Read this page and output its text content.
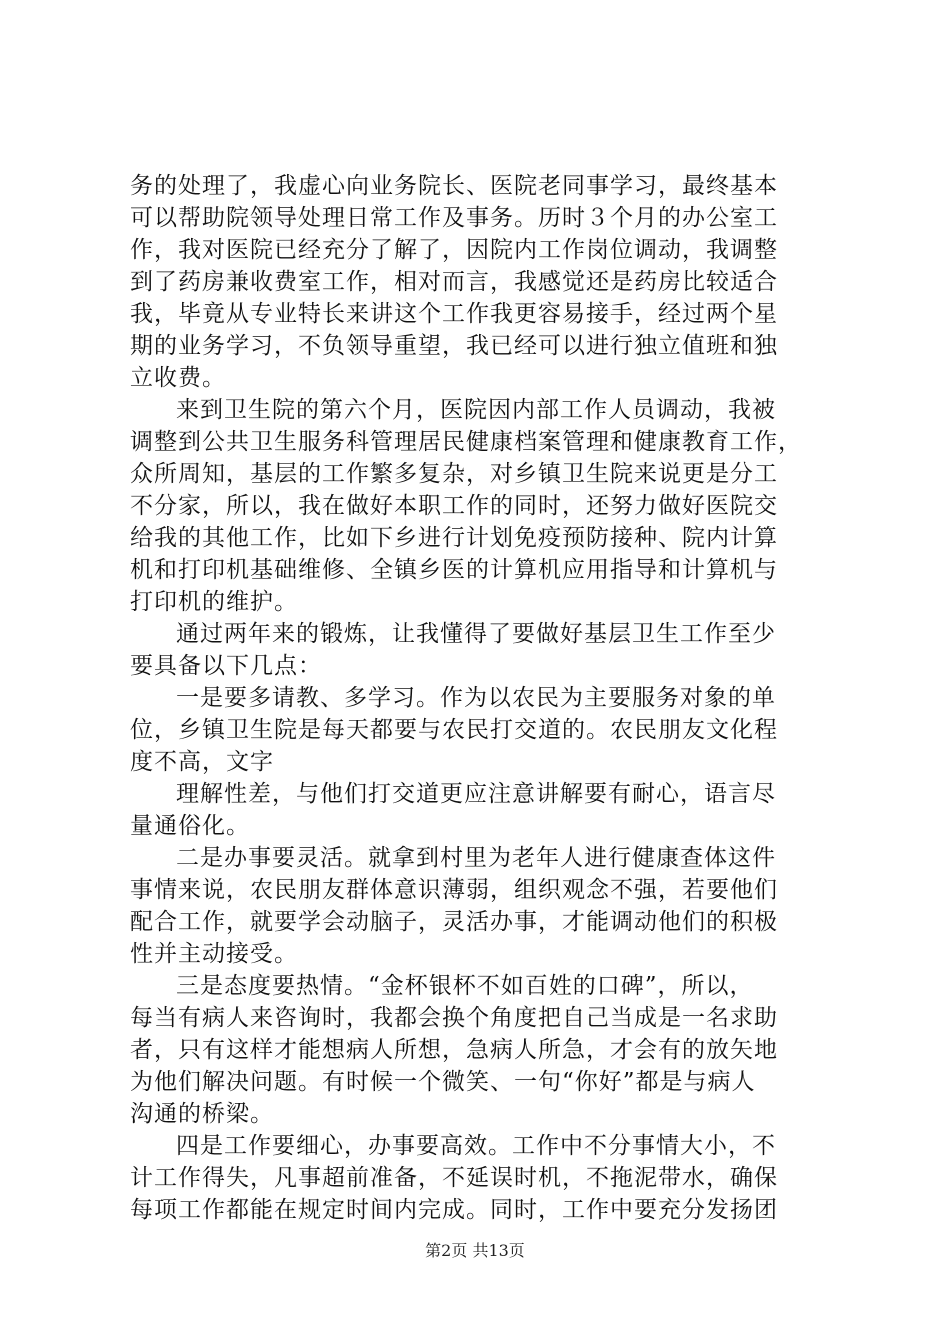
务的处理了，我虚心向业务院长、医院老同事学习，最终基本
可以帮助院领导处理日常工作及事务。历时３个月的办公室工
作，我对医院已经充分了解了，因院内工作岗位调动，我调整
到了药房兼收费室工作，相对而言，我感觉还是药房比较适合
我，毕竟从专业特长来讲这个工作我更容易接手，经过两个星
期的业务学习，不负领导重望，我已经可以进行独立值班和独
立收费。
来到卫生院的第六个月，医院因内部工作人员调动，我被
调整到公共卫生服务科管理居民健康档案管理和健康教育工作，
众所周知，基层的工作繁多复杂，对乡镇卫生院来说更是分工
不分家，所以，我在做好本职工作的同时，还努力做好医院交
给我的其他工作，比如下乡进行计划免疫预防接种、院内计算
机和打印机基础维修、全镇乡医的计算机应用指导和计算机与
打印机的维护。
通过两年来的锻炼，让我懂得了要做好基层卫生工作至少
要具备以下几点：
一是要多请教、多学习。作为以农民为主要服务对象的单
位，乡镇卫生院是每天都要与农民打交道的。农民朋友文化程
度不高，文字
理解性差，与他们打交道更应注意讲解要有耐心，语言尽
量通俗化。
二是办事要灵活。就拿到村里为老年人进行健康查体这件
事情来说，农民朋友群体意识薄弱，组织观念不强，若要他们
配合工作，就要学会动脑子，灵活办事，才能调动他们的积极
性并主动接受。
三是态度要热情。“金杯银杯不如百姓的口碑”，所以，
每当有病人来咨询时，我都会换个角度把自己当成是一名求助
者，只有这样才能想病人所想，急病人所急，才会有的放矢地
为他们解决问题。有时候一个微笑、一句“你好”都是与病人
沟通的桥梁。
四是工作要细心，办事要高效。工作中不分事情大小，不
计工作得失，凡事超前准备，不延误时机，不拖泥带水，确保
每项工作都能在规定时间内完成。同时，工作中要充分发扬团
第2页 共13页
